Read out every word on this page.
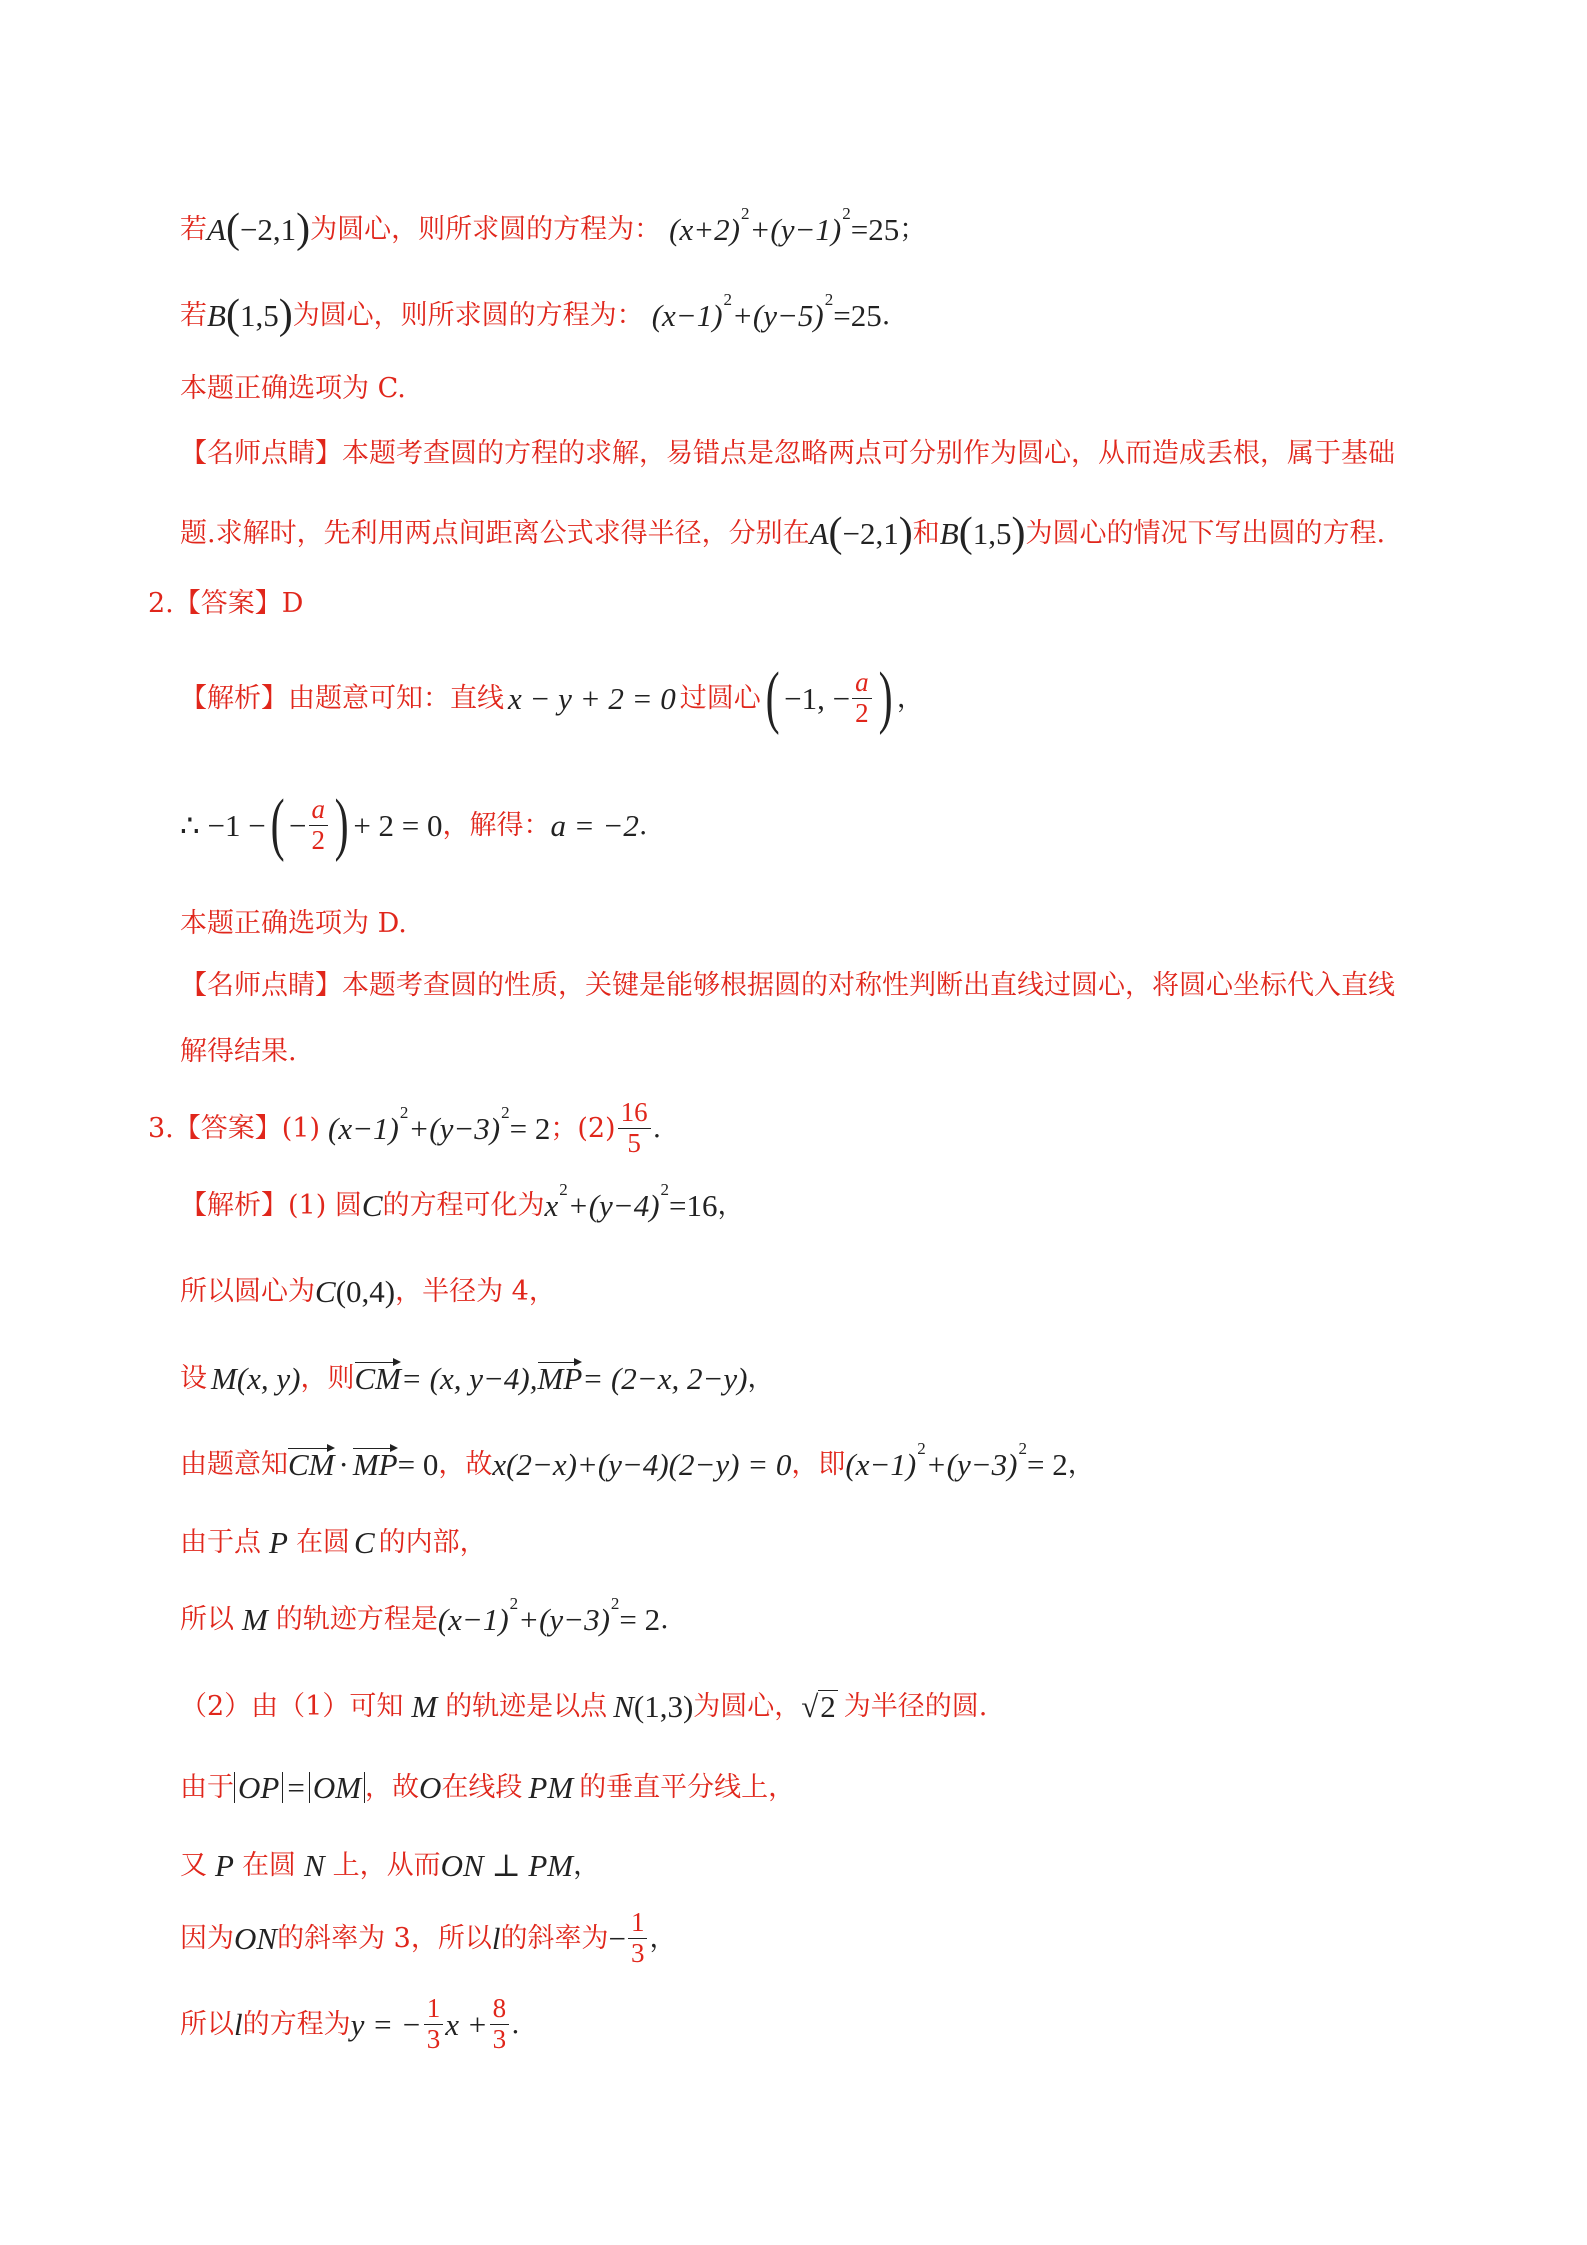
若 A ( −2,1 ) 为圆心，则所求圆的方程为： (x+2) 2 +(y−1) 2 =25 ；
若 B ( 1,5 ) 为圆心，则所求圆的方程为： (x−1) 2 +(y−5) 2 =25 .
本题正确选项为 C.
【名师点睛】本题考查圆的方程的求解，易错点是忽略两点可分别作为圆心，从而造成丢根，属于基础
题.求解时，先利用两点间距离公式求得半径，分别在 A ( −2,1 ) 和 B ( 1,5 ) 为圆心的情况下写出圆的方程.
2.【答案】D
【解析】由题意可知：直线 x − y + 2 = 0 过圆心 ( −1, − $\frac{a}{2}$ ) ，
∴ −1 − ( − $\frac{a}{2}$ ) + 2 = 0 ，解得： a = −2 .
本题正确选项为 D.
【名师点睛】本题考查圆的性质，关键是能够根据圆的对称性判断出直线过圆心，将圆心坐标代入直线
解得结果.
3.【答案】(1) (x−1) 2 +(y−3) 2 = 2 ；$(2) \frac{16}{5}$ .
【解析】(1) 圆 C 的方程可化为 x 2 +(y−4) 2 =16 ，
所以圆心为 C (0,4) ，半径为 4，
设 M (x, y) ，则 CM = (x, y−4), MP = (2−x, 2−y) ，
由题意知 CM · MP = 0 ，故 x(2−x)+(y−4)(2−y) = 0 ，即 (x−1) 2 +(y−3) 2 = 2 ，
由于点 P 在圆 C 的内部，
所以 M 的轨迹方程是 (x−1) 2 +(y−3) 2 = 2 .
（2）由（1）可知 M 的轨迹是以点 N (1,3) 为圆心， √ 2 为半径的圆.
由于 OP = OM ，故 O 在线段 PM 的垂直平分线上，
又 P 在圆 N 上，从而 ON ⊥ PM ，
因为 ON 的斜率为 3，所以 l 的斜率为 − $\frac{1}{3}$ ，
所以 l 的方程为 y = − $\frac{1}{3}$ $x + \frac{8}{3}$ .
